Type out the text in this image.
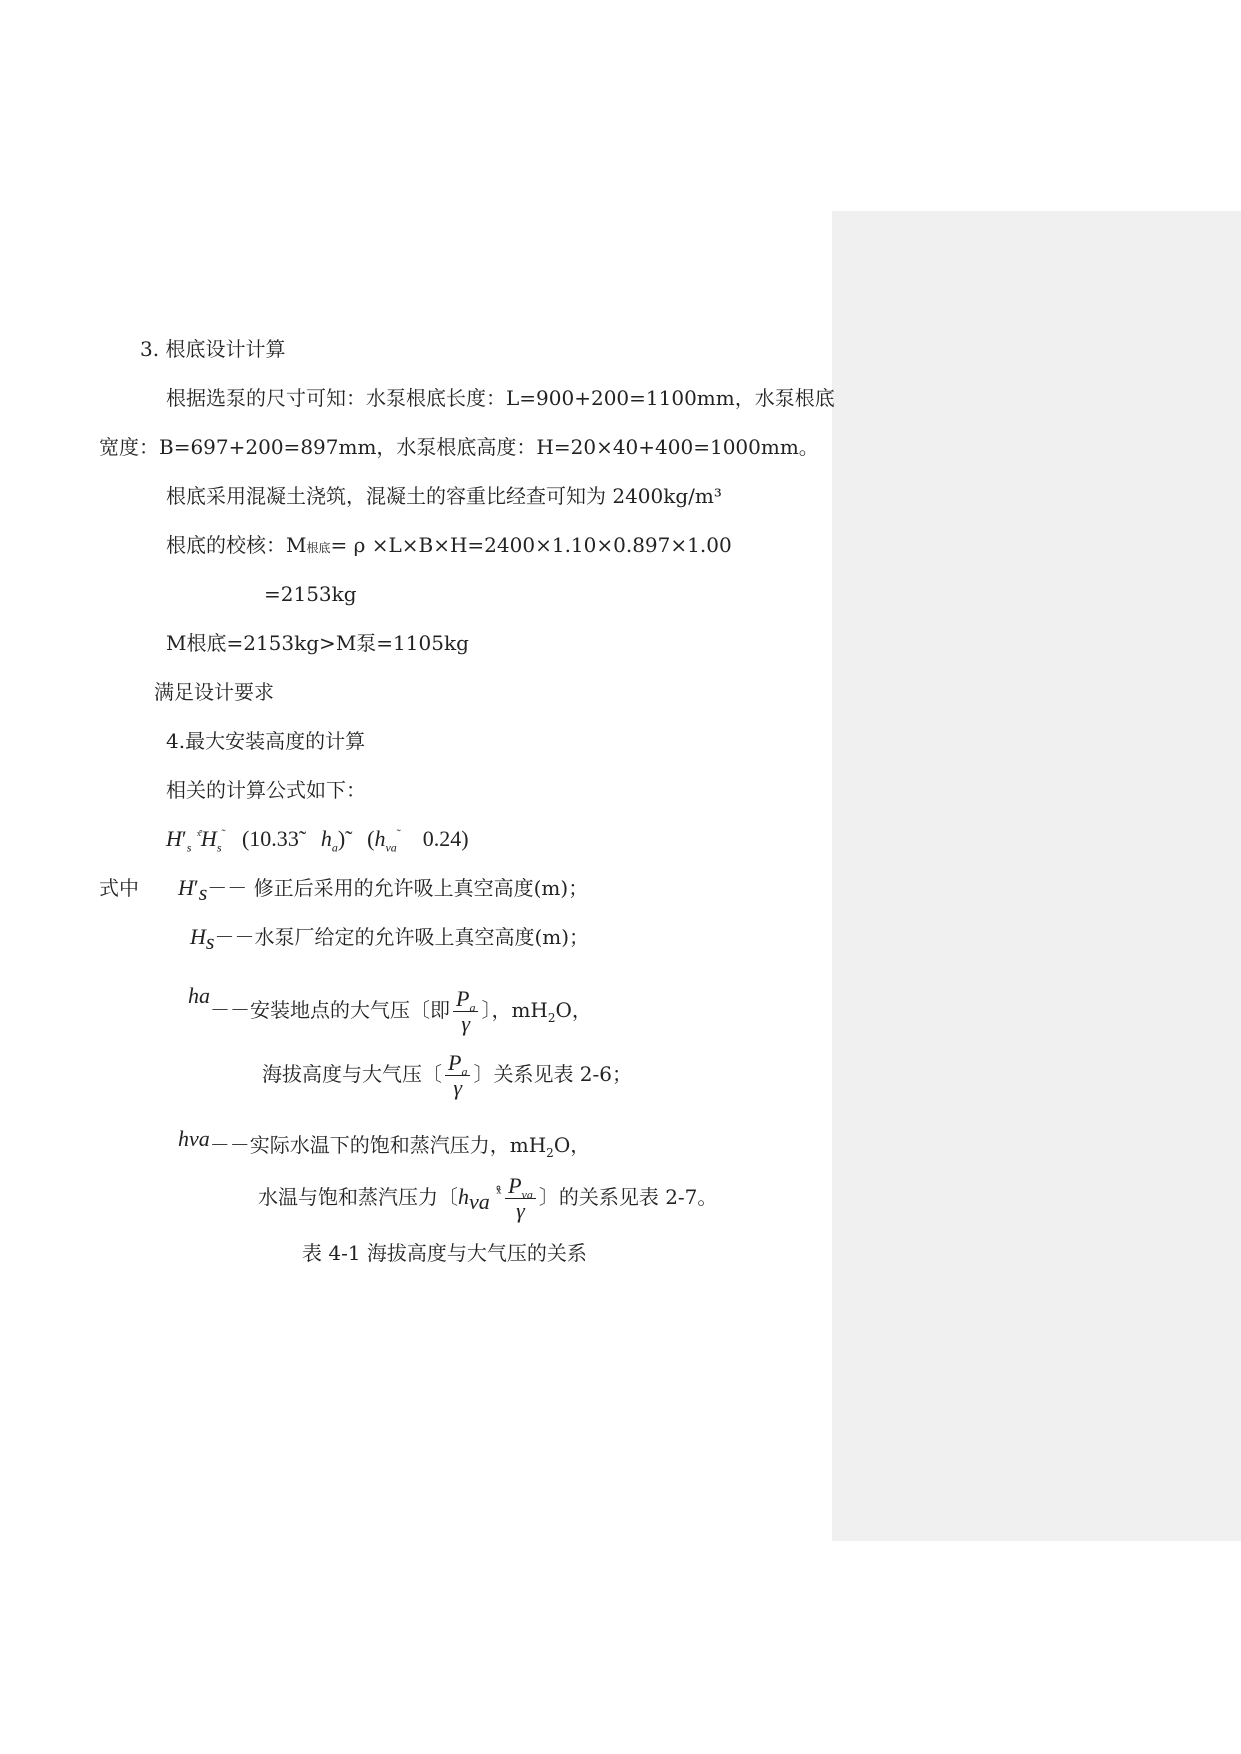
3. 根底设计计算
根据选泵的尺寸可知：水泵根底长度：L=900+200=1100mm，水泵根底
宽度：B=697+200=897mm，水泵根底高度：H=20×40+400=1000mm。
根底采用混凝土浇筑，混凝土的容重比经查可知为 2400kg/m³
根底的校核：M根底= ρ ×L×B×H=2400×1.10×0.897×1.00
=2153kg
M根底=2153kg>M泵=1105kg
满足设计要求
4.最大安装高度的计算
相关的计算公式如下：
$H'_s$ $^{ˣ̊}H_s^˜$ (10.33̃ $h_a)̃$ ($h_{va}^˜$ 0.24)
式中 $H'_s--$ 修正后采用的允许吸上真空高度(m)；
$H_s--$水泵厂给定的允许吸上真空高度(m)；
$h_a--$安装地点的大气压〔即 $\frac{P_a}{\gamma}$ 〕，$mH_2O$，
海拔高度与大气压〔 $\frac{P_a}{\gamma}$ 〕关系见表 2-6；
$h_{va}--$实际水温下的饱和蒸汽压力，$mH_2O$，
水温与饱和蒸汽压力〔$h_{va}$ $^{ˣ̊} \frac{P_{va}}{\gamma}$ 〕的关系见表 2-7。
表 4-1 海拔高度与大气压的关系
